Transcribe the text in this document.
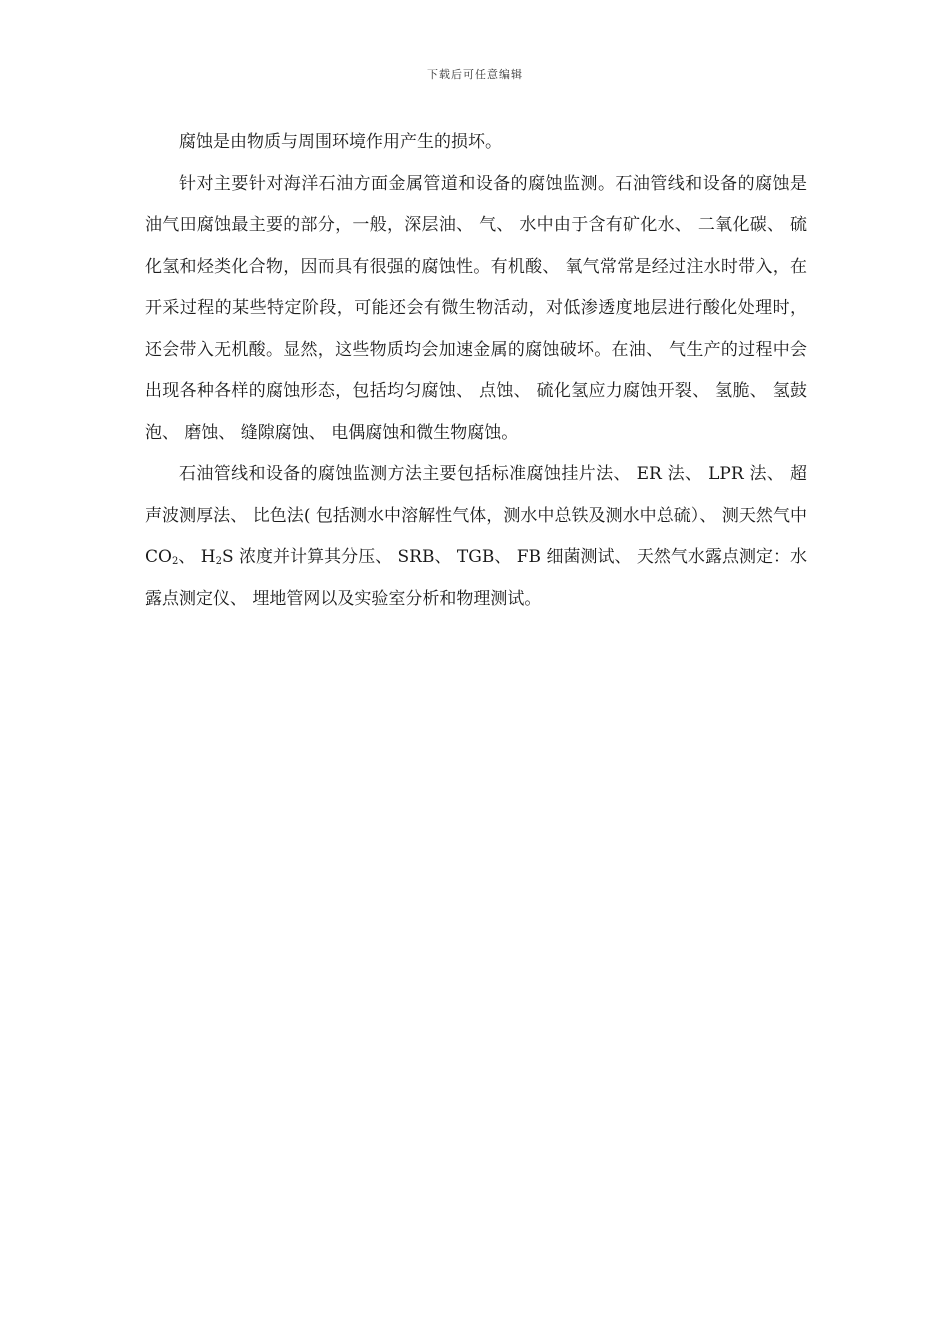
下载后可任意编辑

腐蚀是由物质与周围环境作用产生的损坏。

针对主要针对海洋石油方面金属管道和设备的腐蚀监测。石油管线和设备的腐蚀是油气田腐蚀最主要的部分，一般，深层油、 气、 水中由于含有矿化水、 二氧化碳、 硫化氢和烃类化合物，因而具有很强的腐蚀性。有机酸、 氧气常常是经过注水时带入，在开采过程的某些特定阶段，可能还会有微生物活动，对低渗透度地层进行酸化处理时，还会带入无机酸。显然，这些物质均会加速金属的腐蚀破坏。在油、 气生产的过程中会出现各种各样的腐蚀形态，包括均匀腐蚀、 点蚀、 硫化氢应力腐蚀开裂、 氢脆、 氢鼓泡、 磨蚀、 缝隙腐蚀、 电偶腐蚀和微生物腐蚀。

石油管线和设备的腐蚀监测方法主要包括标准腐蚀挂片法、 ER 法、 LPR 法、 超声波测厚法、 比色法( 包括测水中溶解性气体，测水中总铁及测水中总硫）、 测天然气中 $CO_2$、 $H_2S$ 浓度并计算其分压、 SRB、 TGB、 FB 细菌测试、 天然气水露点测定：水露点测定仪、 埋地管网以及实验室分析和物理测试。
